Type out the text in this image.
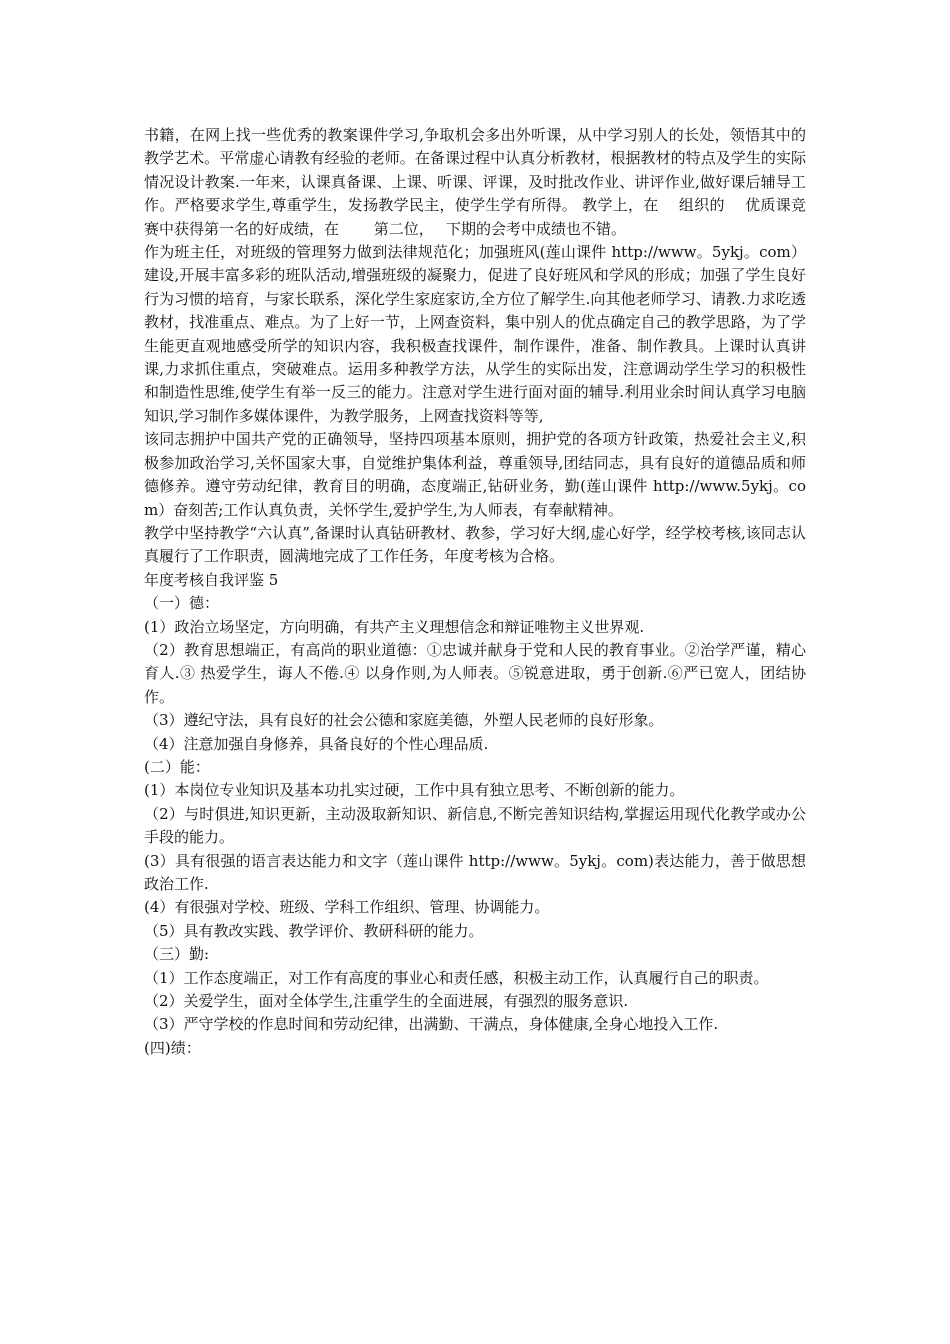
书籍，在网上找一些优秀的教案课件学习,争取机会多出外听课，从中学习别人的长处，领悟其中的教学艺术。平常虚心请教有经验的老师。在备课过程中认真分析教材，根据教材的特点及学生的实际情况设计教案.一年来，认课真备课、上课、听课、评课，及时批改作业、讲评作业,做好课后辅导工作。严格要求学生,尊重学生，发扬教学民主，使学生学有所得。 教学上，在　 组织的　 优质课竞赛中获得第一名的好成绩，在　　 第二位，　 下期的会考中成绩也不错。

作为班主任，对班级的管理努力做到法律规范化；加强班风(莲山课件 http://www。5ykj。com）建设,开展丰富多彩的班队活动,增强班级的凝聚力，促进了良好班风和学风的形成；加强了学生良好行为习惯的培育，与家长联系，深化学生家庭家访,全方位了解学生.向其他老师学习、请教.力求吃透教材，找准重点、难点。为了上好一节，上网查资料，集中别人的优点确定自己的教学思路，为了学生能更直观地感受所学的知识内容，我积极查找课件，制作课件，准备、制作教具。上课时认真讲课,力求抓住重点，突破难点。运用多种教学方法，从学生的实际出发，注意调动学生学习的积极性和制造性思维,使学生有举一反三的能力。注意对学生进行面对面的辅导.利用业余时间认真学习电脑知识,学习制作多媒体课件，为教学服务，上网查找资料等等,

该同志拥护中国共产党的正确领导，坚持四项基本原则，拥护党的各项方针政策，热爱社会主义,积极参加政治学习,关怀国家大事，自觉维护集体利益，尊重领导,团结同志，具有良好的道德品质和师德修养。遵守劳动纪律，教育目的明确，态度端正,钻研业务，勤(莲山课件 http://www.5ykj。com）奋刻苦;工作认真负责，关怀学生,爱护学生,为人师表，有奉献精神。

教学中坚持教学“六认真”,备课时认真钻研教材、教参，学习好大纲,虚心好学，经学校考核,该同志认真履行了工作职责，圆满地完成了工作任务，年度考核为合格。

年度考核自我评鉴 5

（一）德：

(1）政治立场坚定，方向明确，有共产主义理想信念和辩证唯物主义世界观.

（2）教育思想端正，有高尚的职业道德：①忠诚并献身于党和人民的教育事业。②治学严谨，精心育人.③ 热爱学生，诲人不倦.④ 以身作则,为人师表。⑤锐意进取，勇于创新.⑥严已宽人，团结协作。

（3）遵纪守法，具有良好的社会公德和家庭美德，外塑人民老师的良好形象。

（4）注意加强自身修养，具备良好的个性心理品质.

(二）能：

(1）本岗位专业知识及基本功扎实过硬，工作中具有独立思考、不断创新的能力。

（2）与时俱进,知识更新，主动汲取新知识、新信息,不断完善知识结构,掌握运用现代化教学或办公手段的能力。

(3）具有很强的语言表达能力和文字（莲山课件 http://www。5ykj。com)表达能力，善于做思想政治工作.

(4）有很强对学校、班级、学科工作组织、管理、协调能力。

（5）具有教改实践、教学评价、教研科研的能力。

（三）勤:

（1）工作态度端正，对工作有高度的事业心和责任感，积极主动工作，认真履行自己的职责。

（2）关爱学生，面对全体学生,注重学生的全面进展，有强烈的服务意识.

（3）严守学校的作息时间和劳动纪律，出满勤、干满点，身体健康,全身心地投入工作.

(四)绩：
